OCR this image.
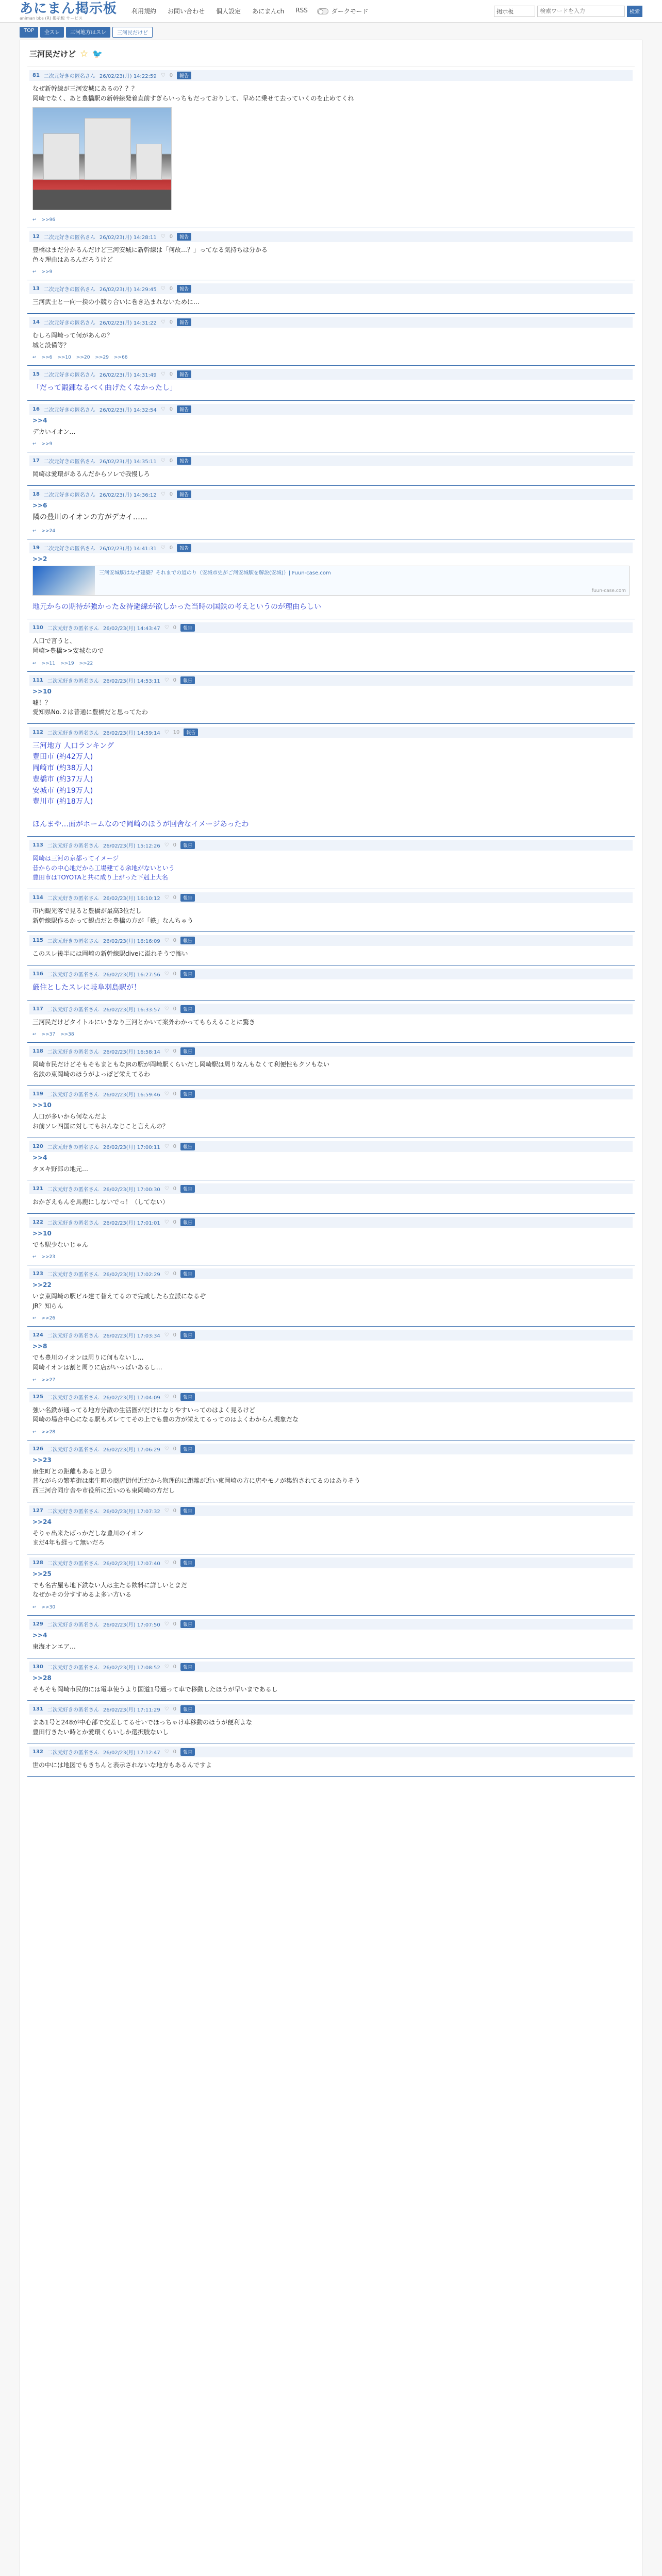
あにまん掲示板
animan bbs (R) 掲示板 サービス
利用規約 お問い合わせ 個人設定 あにまんch RSS	ダークモード	掲示板
検索ワードを入力	検索
TOP	全スレ	三河地方はスレ	三河民だけど
三河民だけど ☆ 🐦
81 二次元好きの匿名さん 26/02/23(月) 14:22:59 ♡ 0	報告
なぜ新幹線が三河安城にあるの？？？
岡崎でなく、あと豊橋駅の新幹線発着直前すぎらいっちもだっておりして、早めに乗せて去っていくのを止めてくれ
↩ >>96
12 二次元好きの匿名さん 26/02/23(月) 14:28:11 ♡ 0	報告
豊橋はまだ分かるんだけど三河安城に新幹線は「何故…？」ってなる気持ちは分かる
色々理由はあるんだろうけど
↩ >>9
13 二次元好きの匿名さん 26/02/23(月) 14:29:45 ♡ 0	報告
三河武士と一向一揆の小競り合いに巻き込まれないために…
14 二次元好きの匿名さん 26/02/23(月) 14:31:22 ♡ 0	報告
むしろ岡崎って何があんの？
城と設備等？
↩ >>6 >>10 >>20 >>29 >>66
15 二次元好きの匿名さん 26/02/23(月) 14:31:49 ♡ 0	報告
「だって鍛錬なるべく曲げたくなかったし」
16 二次元好きの匿名さん 26/02/23(月) 14:32:54 ♡ 0	報告
>>4
デカいイオン…
↩ >>9
17 二次元好きの匿名さん 26/02/23(月) 14:35:11 ♡ 0	報告
岡崎は愛環があるんだからソレで我慢しろ
18 二次元好きの匿名さん 26/02/23(月) 14:36:12 ♡ 0	報告
>>6
隣の豊川のイオンの方がデカイ……
↩ >>24
19 二次元好きの匿名さん 26/02/23(月) 14:41:31 ♡ 0	報告
>>2
三河安城駅はなぜ建築？それまでの道のり（安城市史がご河安城駅を解説(安城)）| Fuun-case.com
fuun-case.com
地元からの期待が強かった＆待避線が欲しかった当時の国鉄の考えというのが理由らしい
110 二次元好きの匿名さん 26/02/23(月) 14:43:47 ♡ 0	報告
人口で言うと、
岡崎>豊橋>>安城なので
↩ >>11 >>19 >>22
111 二次元好きの匿名さん 26/02/23(月) 14:53:11 ♡ 0	報告
>>10
嘘！？
愛知県No.２は普通に豊橋だと思ってたわ
112 二次元好きの匿名さん 26/02/23(月) 14:59:14 ♡ 10	報告
三河地方 人口ランキング
豊田市 (約42万人)
岡崎市 (約38万人)
豊橋市 (約37万人)
安城市 (約19万人)
豊川市 (約18万人)

ほんまや…面がホームなので岡崎のほうが回舎なイメージあったわ
113 二次元好きの匿名さん 26/02/23(月) 15:12:26 ♡ 0	報告
岡崎は三河の京都ってイメージ
昔からの中心地だから工場建てる余地がないという
豊田市はTOYOTAと共に成り上がった下剋上大名
114 二次元好きの匿名さん 26/02/23(月) 16:10:12 ♡ 0	報告
市内観光客で見ると豊橋が最高3位だし
新幹線駅作るかって観点だと豊橋の方が「鉄」なんちゃう
115 二次元好きの匿名さん 26/02/23(月) 16:16:09 ♡ 0	報告
このスレ後半には岡崎の新幹線駅diveに溢れそうで怖い
116 二次元好きの匿名さん 26/02/23(月) 16:27:56 ♡ 0	報告
厳住としたスレに岐阜羽島駅が！
117 二次元好きの匿名さん 26/02/23(月) 16:33:57 ♡ 0	報告
三河民だけどタイトルにいきなり三河とかいて案外わかってもらえることに驚き
↩ >>37 >>38
118 二次元好きの匿名さん 26/02/23(月) 16:58:14 ♡ 0	報告
岡崎市民だけどそもそもまともなJRの駅が岡崎駅くらいだし岡崎駅は周りなんもなくて利便性もクソもない
名鉄の東岡崎のほうがよっぽど栄えてるわ
119 二次元好きの匿名さん 26/02/23(月) 16:59:46 ♡ 0	報告
>>10
人口が多いから何なんだよ
お前ソレ四国に対してもおんなじこと言えんの？
120 二次元好きの匿名さん 26/02/23(月) 17:00:11 ♡ 0	報告
>>4
タヌキ野郎の地元…
121 二次元好きの匿名さん 26/02/23(月) 17:00:30 ♡ 0	報告
おかざえもんを馬鹿にしないでっ！（してない）
122 二次元好きの匿名さん 26/02/23(月) 17:01:01 ♡ 0	報告
>>10
でも駅少ないじゃん
↩ >>23
123 二次元好きの匿名さん 26/02/23(月) 17:02:29 ♡ 0	報告
>>22
いま東岡崎の駅ビル建て替えてるので完成したら立派になるぞ
JR？知らん
↩ >>26
124 二次元好きの匿名さん 26/02/23(月) 17:03:34 ♡ 0	報告
>>8
でも豊川のイオンは周りに何もないし…
岡崎イオンは割と周りに店がいっぱいあるし…
↩ >>27
125 二次元好きの匿名さん 26/02/23(月) 17:04:09 ♡ 0	報告
強い名鉄が通ってる地方分散の生活圏がだけになりやすいってのはよく見るけど
岡崎の場合中心になる駅もズレててその上でも豊の方が栄えてるってのはよくわからん現象だな
↩ >>28
126 二次元好きの匿名さん 26/02/23(月) 17:06:29 ♡ 0	報告
>>23
康生町との距離もあると思う
昔ながらの繁華街は康生町の商店街付近だから物理的に距離が近い東岡崎の方に店やモノが集約されてるのはありそう
西三河合同庁舎や市役所に近いのも東岡崎の方だし
127 二次元好きの匿名さん 26/02/23(月) 17:07:32 ♡ 0	報告
>>24
そりゃ出来たばっかだしな豊川のイオン
まだ4年も経って無いだろ
128 二次元好きの匿名さん 26/02/23(月) 17:07:40 ♡ 0	報告
>>25
でも名古屋も地下鉄ない人は主たる飲料に詳しいとまだ
なぜかその分すすめるよ多い方いる
↩ >>30
129 二次元好きの匿名さん 26/02/23(月) 17:07:50 ♡ 0	報告
>>4
東海オンエア…
130 二次元好きの匿名さん 26/02/23(月) 17:08:52 ♡ 0	報告
>>28
そもそも岡崎市民的には電車使うより国道1号通って車で移動したほうが早いまであるし
131 二次元好きの匿名さん 26/02/23(月) 17:11:29 ♡ 0	報告
まあ1号と248が中心部で交差してるせいでほっちゃけ車移動のほうが便利よな
豊田行きたい時とか愛環くらいしか選択肢ないし
132 二次元好きの匿名さん 26/02/23(月) 17:12:47 ♡ 0	報告
世の中には地図でもきちんと表示されないな地方もあるんですよ
